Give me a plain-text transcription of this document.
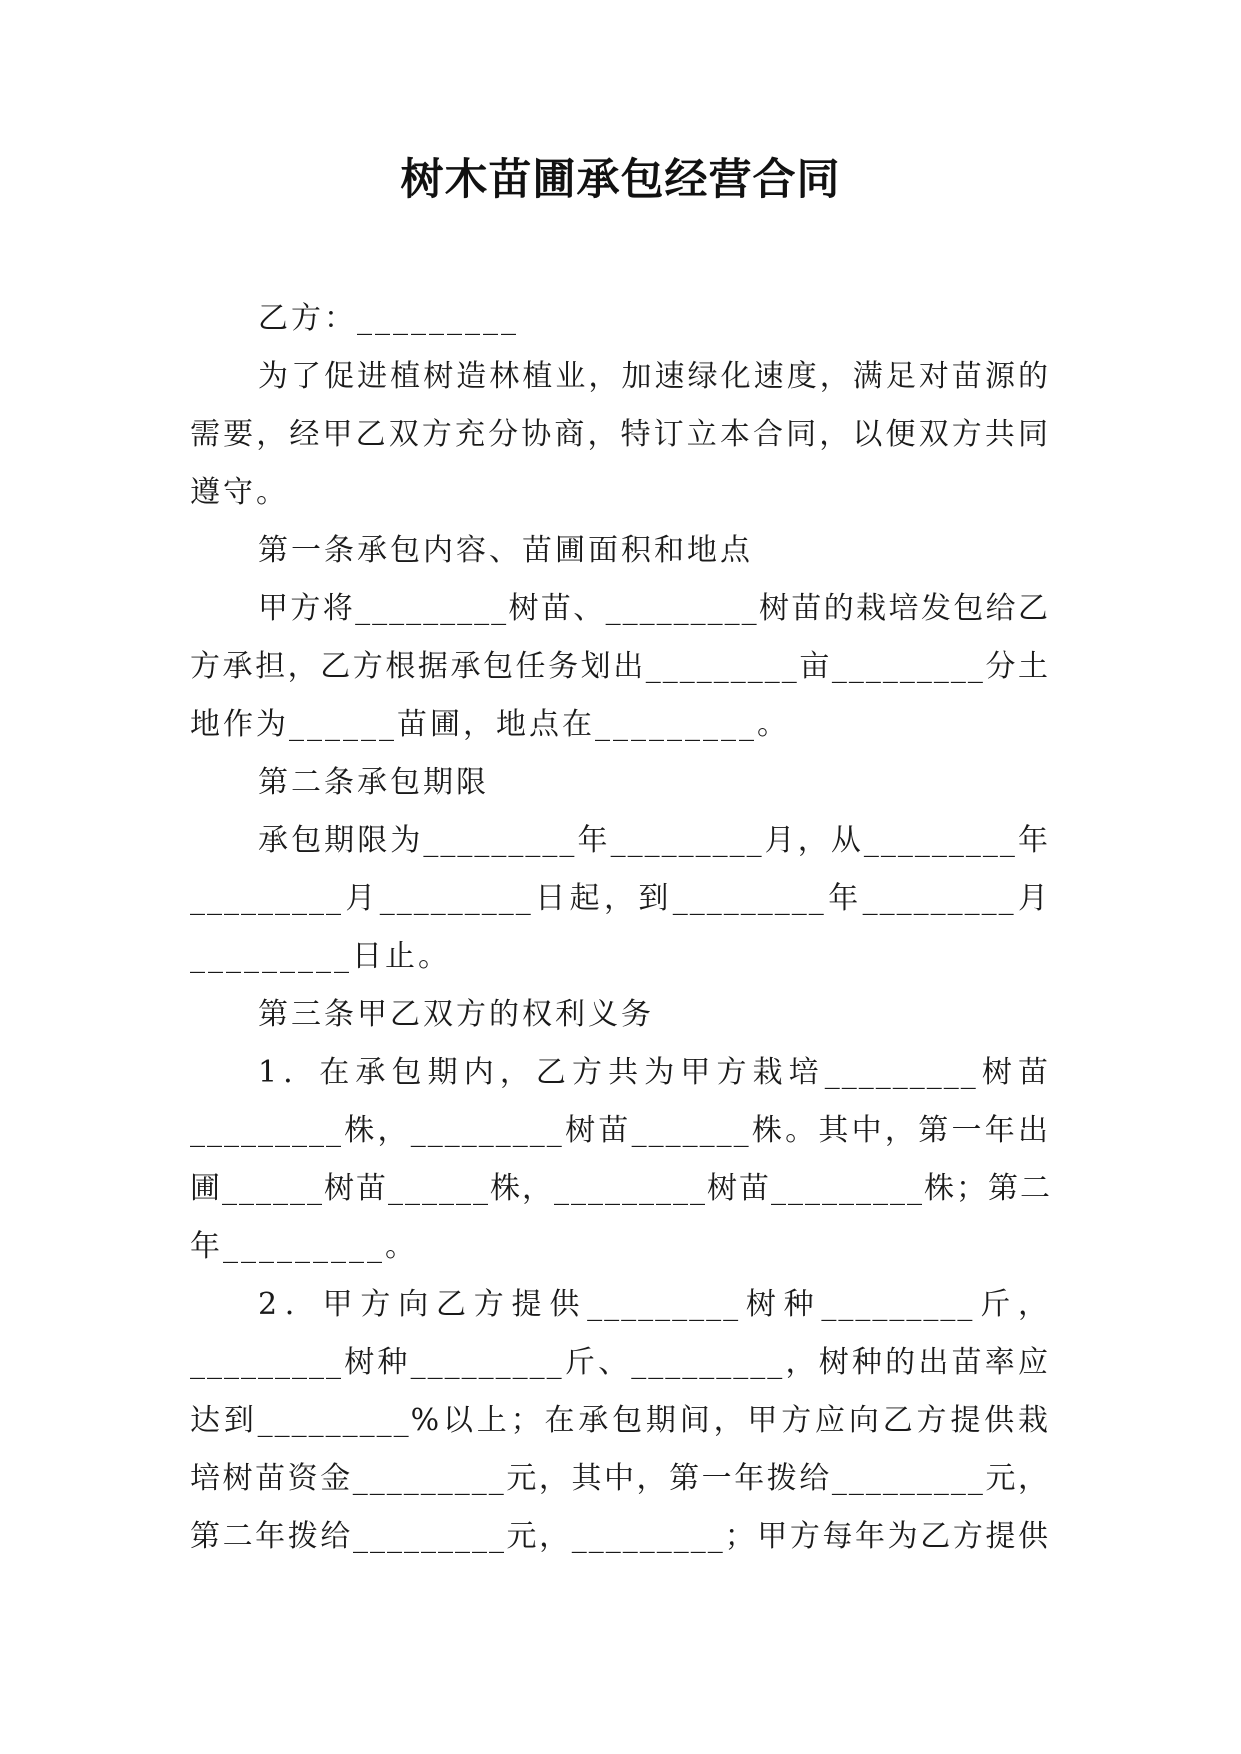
树木苗圃承包经营合同
乙方：_________
为了促进植树造林植业，加速绿化速度，满足对苗源的
需要，经甲乙双方充分协商，特订立本合同，以便双方共同
遵守。
第一条承包内容、苗圃面积和地点
甲方将_________树苗、_________树苗的栽培发包给乙
方承担，乙方根据承包任务划出_________亩_________分土
地作为______苗圃，地点在_________。
第二条承包期限
承包期限为_________年_________月，从_________年
_________月_________日起，到_________年_________月
_________日止。
第三条甲乙双方的权利义务
1．在承包期内，乙方共为甲方栽培_________树苗
_________株，_________树苗_______株。其中，第一年出
圃______树苗______株，_________树苗_________株；第二
年_________。
2．甲方向乙方提供_________树种_________斤，
_________树种_________斤、_________，树种的出苗率应
达到_________%以上；在承包期间，甲方应向乙方提供栽
培树苗资金_________元，其中，第一年拨给_________元，
第二年拨给_________元，_________；甲方每年为乙方提供
